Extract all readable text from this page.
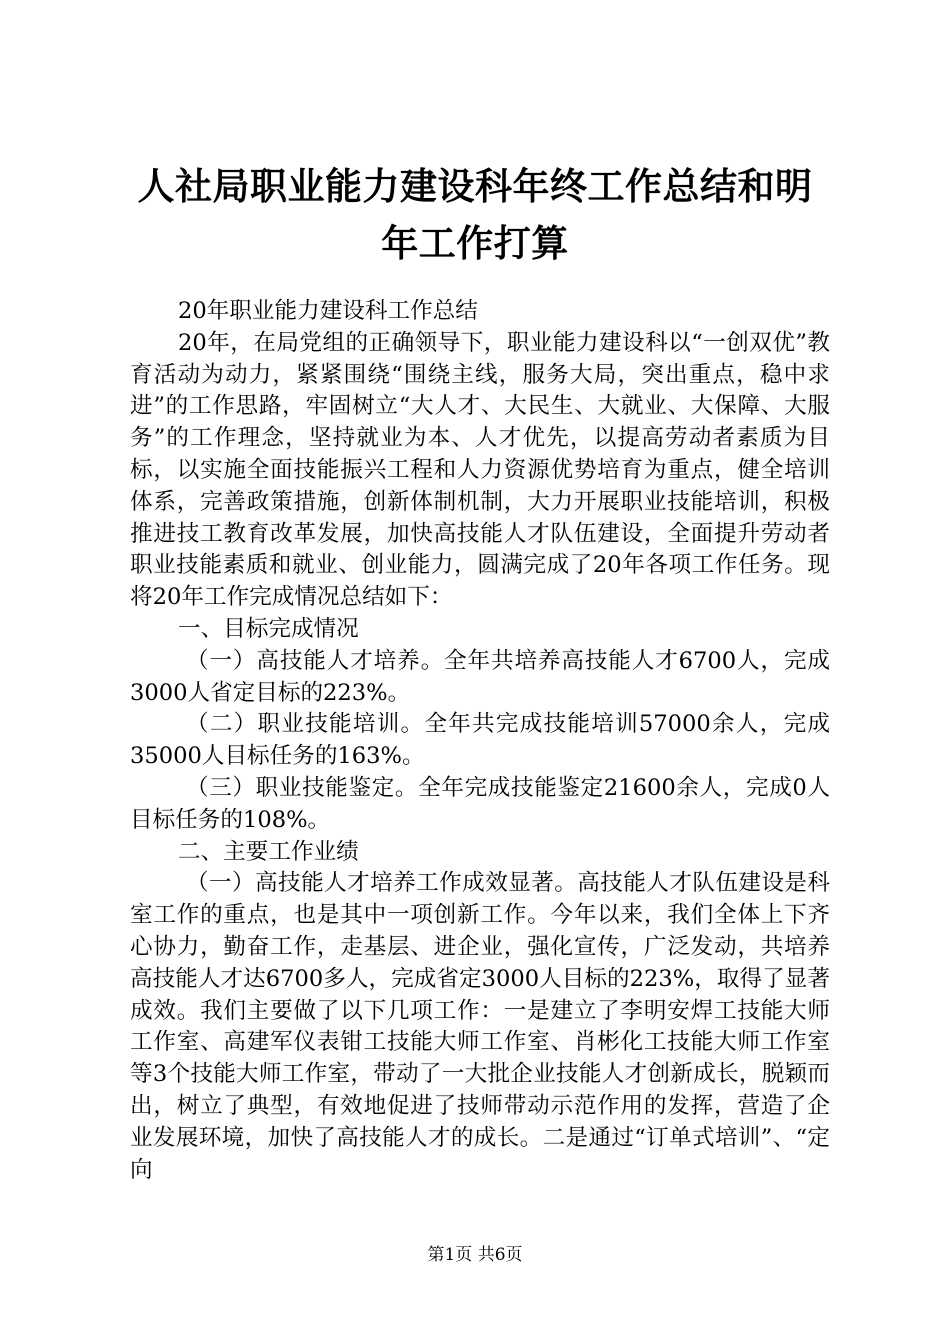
人社局职业能力建设科年终工作总结和明年工作打算

20年职业能力建设科工作总结

20年，在局党组的正确领导下，职业能力建设科以“一创双优”教育活动为动力，紧紧围绕“围绕主线，服务大局，突出重点，稳中求进”的工作思路，牢固树立“大人才、大民生、大就业、大保障、大服务”的工作理念，坚持就业为本、人才优先，以提高劳动者素质为目标，以实施全面技能振兴工程和人力资源优势培育为重点，健全培训体系，完善政策措施，创新体制机制，大力开展职业技能培训，积极推进技工教育改革发展，加快高技能人才队伍建设，全面提升劳动者职业技能素质和就业、创业能力，圆满完成了20年各项工作任务。现将20年工作完成情况总结如下：

一、目标完成情况

（一）高技能人才培养。全年共培养高技能人才6700人，完成3000人省定目标的223%。

（二）职业技能培训。全年共完成技能培训57000余人，完成35000人目标任务的163%。

（三）职业技能鉴定。全年完成技能鉴定21600余人，完成0人目标任务的108%。

二、主要工作业绩

（一）高技能人才培养工作成效显著。高技能人才队伍建设是科室工作的重点，也是其中一项创新工作。今年以来，我们全体上下齐心协力，勤奋工作，走基层、进企业，强化宣传，广泛发动，共培养高技能人才达6700多人，完成省定3000人目标的223%，取得了显著成效。我们主要做了以下几项工作：一是建立了李明安焊工技能大师工作室、高建军仪表钳工技能大师工作室、肖彬化工技能大师工作室等3个技能大师工作室，带动了一大批企业技能人才创新成长，脱颖而出，树立了典型，有效地促进了技师带动示范作用的发挥，营造了企业发展环境，加快了高技能人才的成长。二是通过“订单式培训”、“定向

第1页 共6页
